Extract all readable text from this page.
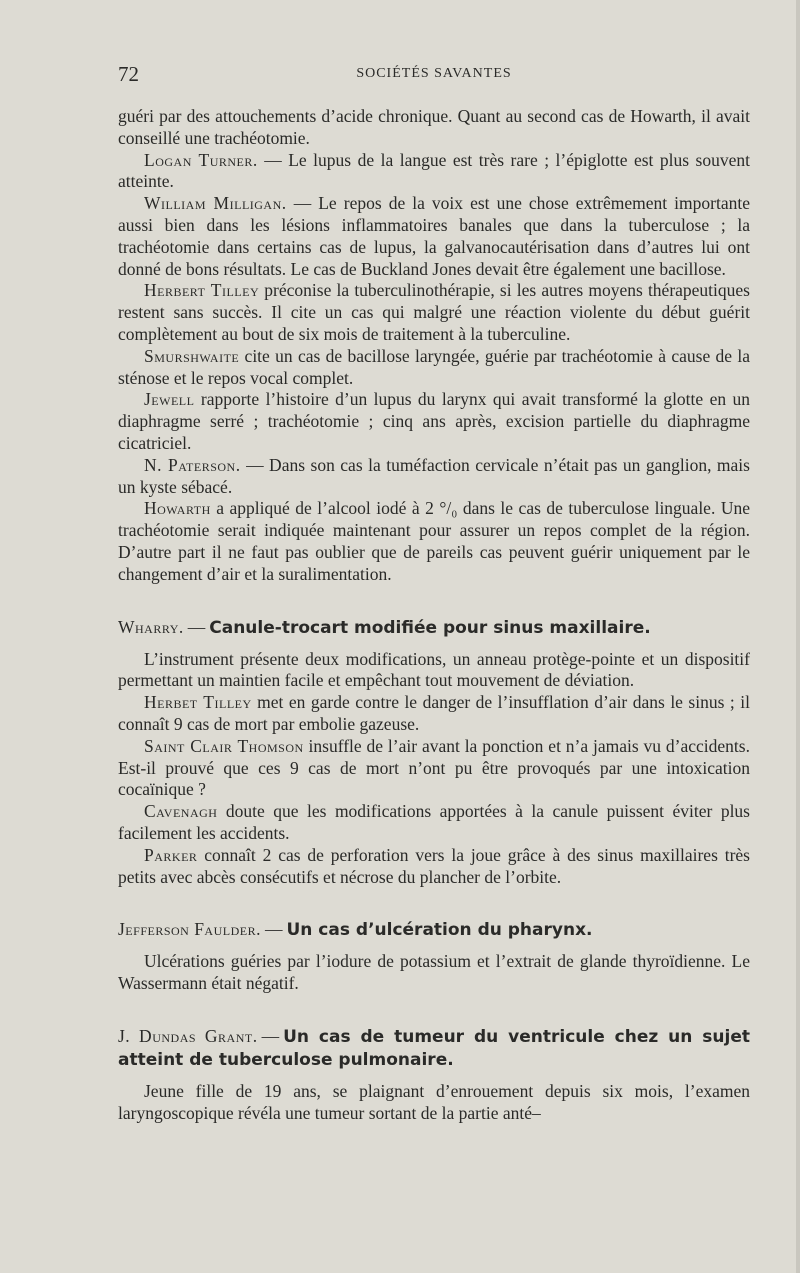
72	SOCIÉTÉS SAVANTES

guéri par des attouchements d’acide chronique. Quant au second cas de Howarth, il avait conseillé une trachéotomie.

Logan Turner. — Le lupus de la langue est très rare ; l’épiglotte est plus souvent atteinte.

William Milligan. — Le repos de la voix est une chose extrêmement importante aussi bien dans les lésions inflammatoires banales que dans la tuberculose ; la trachéotomie dans certains cas de lupus, la galvanocautérisation dans d’autres lui ont donné de bons résultats. Le cas de Buckland Jones devait être également une bacillose.

Herbert Tilley préconise la tuberculinothérapie, si les autres moyens thérapeutiques restent sans succès. Il cite un cas qui malgré une réaction violente du début guérit complètement au bout de six mois de traitement à la tuberculine.

Smurshwaite cite un cas de bacillose laryngée, guérie par trachéotomie à cause de la sténose et le repos vocal complet.

Jewell rapporte l’histoire d’un lupus du larynx qui avait transformé la glotte en un diaphragme serré ; trachéotomie ; cinq ans après, excision partielle du diaphragme cicatriciel.

N. Paterson. — Dans son cas la tuméfaction cervicale n’était pas un ganglion, mais un kyste sébacé.

Howarth a appliqué de l’alcool iodé à 2 °/₀ dans le cas de tuberculose linguale. Une trachéotomie serait indiquée maintenant pour assurer un repos complet de la région. D’autre part il ne faut pas oublier que de pareils cas peuvent guérir uniquement par le changement d’air et la suralimentation.

Wharry. — Canule-trocart modifiée pour sinus maxillaire.

L’instrument présente deux modifications, un anneau protège-pointe et un dispositif permettant un maintien facile et empêchant tout mouvement de déviation.

Herbet Tilley met en garde contre le danger de l’insufflation d’air dans le sinus ; il connaît 9 cas de mort par embolie gazeuse.

Saint Clair Thomson insuffle de l’air avant la ponction et n’a jamais vu d’accidents. Est-il prouvé que ces 9 cas de mort n’ont pu être provoqués par une intoxication cocaïnique ?

Cavenagh doute que les modifications apportées à la canule puissent éviter plus facilement les accidents.

Parker connaît 2 cas de perforation vers la joue grâce à des sinus maxillaires très petits avec abcès consécutifs et nécrose du plancher de l’orbite.

Jefferson Faulder. — Un cas d’ulcération du pharynx.

Ulcérations guéries par l’iodure de potassium et l’extrait de glande thyroïdienne. Le Wassermann était négatif.

J. Dundas Grant. — Un cas de tumeur du ventricule chez un sujet atteint de tuberculose pulmonaire.

Jeune fille de 19 ans, se plaignant d’enrouement depuis six mois, l’examen laryngoscopique révéla une tumeur sortant de la partie anté–
